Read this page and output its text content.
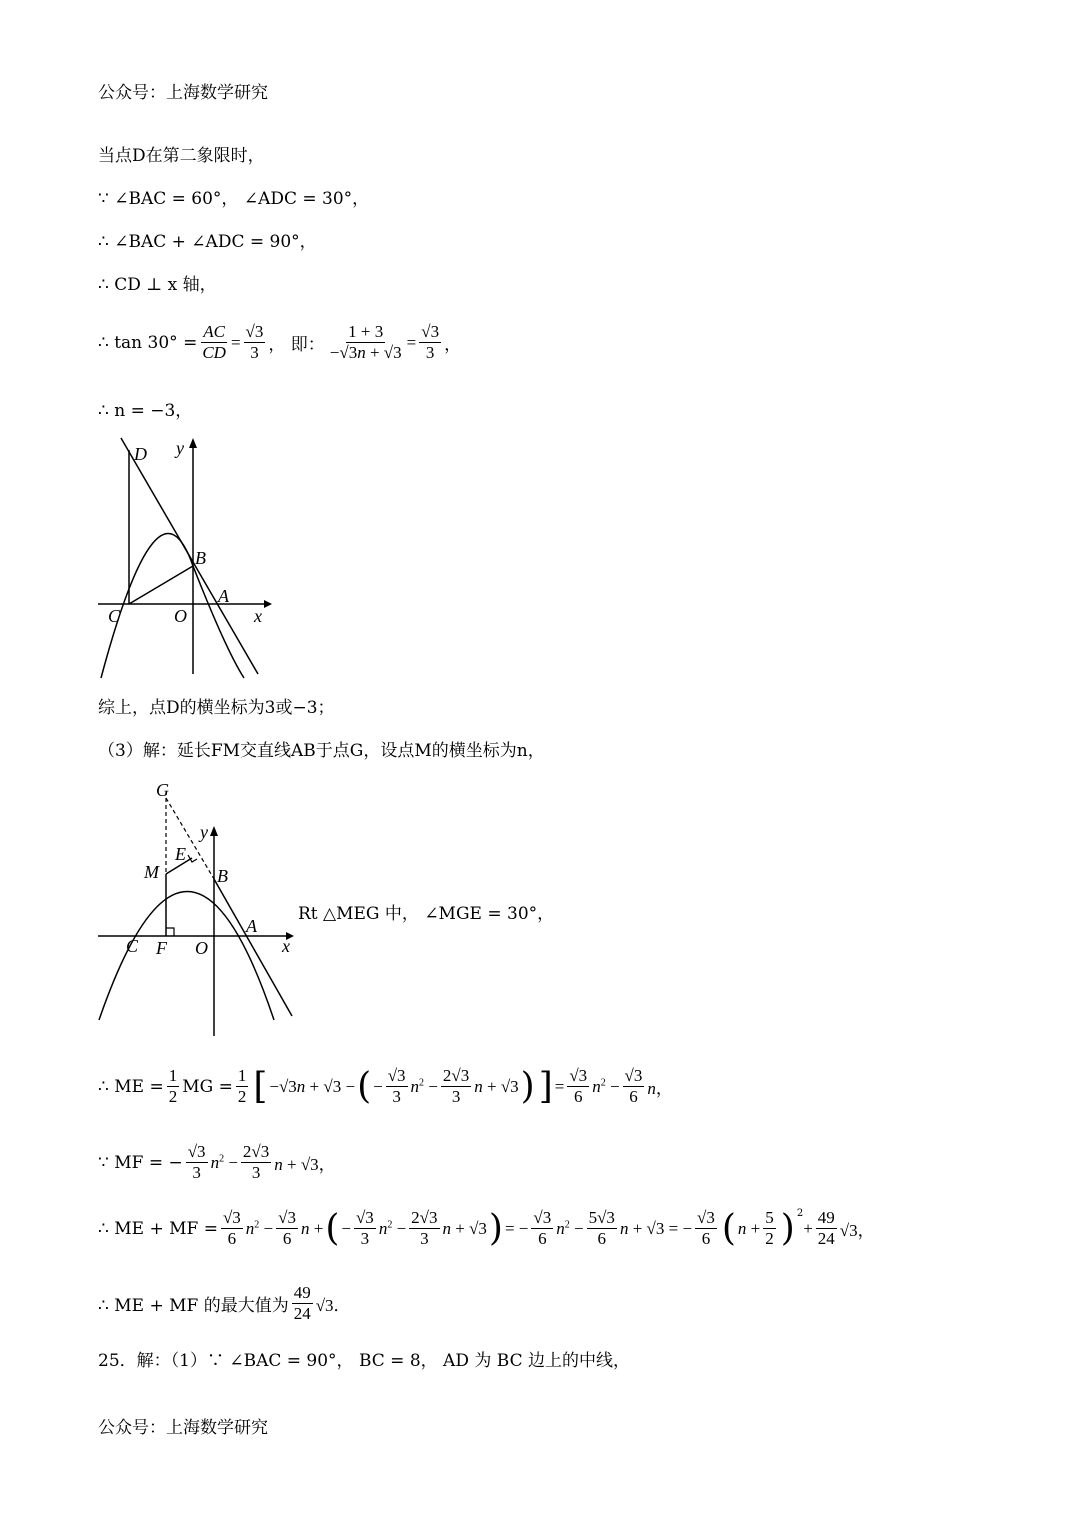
公众号：上海数学研究
当点D在第二象限时，
∵ ∠BAC = 60°， ∠ADC = 30°，
∴ ∠BAC + ∠ADC = 90°，
∴ CD ⊥ x 轴，
∴ $\tan 30^\circ = \frac{AC}{CD} = \frac{√3}{3}$ ， 即： $\frac{1 + 3}{-√3n + √3} = \frac{√3}{3}$ ，
∴ n = −3，
D y
B
C	O
A
x
综上，点D的横坐标为3或−3；
（3）解：延长FM交直线AB于点G，设点M的横坐标为n，
G
y
E
M	B
A
C F O	x
Rt △MEG 中， ∠MGE = 30°，
∴ ME = $\frac{1}{2}$ MG = $\frac{1}{2}$ [ −√3n + √3 − ( − $\frac{√3}{3} n^2 - \frac{2√3}{3}$ n + √3 ) ] = $\frac{√3}{6} n^2 - \frac{√3}{6}$ n，
∵ MF = − $\frac{√3}{3} n^2 - \frac{2√3}{3}$ n + √3，
∴ ME + MF = $\frac{√3}{6} n^2 - \frac{√3}{6}$ n + ( − $\frac{√3}{3} n^2 - \frac{2√3}{3}$ n + √3 ) = − $\frac{√3}{6} n^2 - \frac{5√3}{6}$ n + √3 = − $\frac{√3}{6}$ ( $n + \frac{5}{2} )^2$
+ $\frac{49}{24} √3$，
∴ ME + MF 的最大值为 $\frac{49}{24} √3$．
25．解：（1）∵ ∠BAC = 90°， BC = 8， AD 为 BC 边上的中线，
公众号：上海数学研究
